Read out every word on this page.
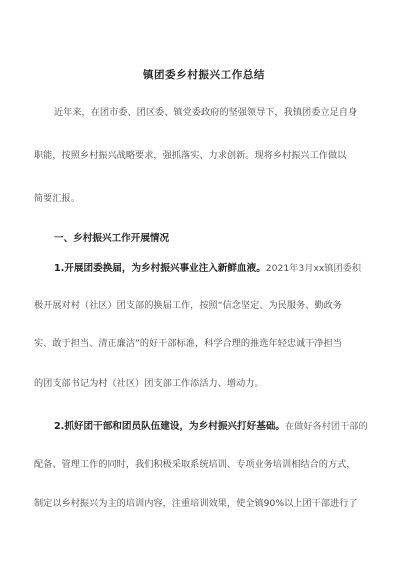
镇团委乡村振兴工作总结
近年来，在团市委、团区委、镇党委政府的坚强领导下，我镇团委立足自身
职能，按照乡村振兴战略要求，强抓落实、力求创新。现将乡村振兴工作做以
简要汇报。
一、乡村振兴工作开展情况
1.开展团委换届，为乡村振兴事业注入新鲜血液。2021年3月xx镇团委积
极开展对村（社区）团支部的换届工作，按照“信念坚定、为民服务、勤政务
实、敢于担当、清正廉洁”的好干部标准，科学合理的推选年轻忠诚干净担当
的团支部书记为村（社区）团支部工作添活力、增动力。
2.抓好团干部和团员队伍建设，为乡村振兴打好基础。在做好各村团干部的
配备、管理工作的同时，我们积极采取系统培训、专项业务培训相结合的方式，
制定以乡村振兴为主的培训内容，注重培训效果，使全镇90%以上团干部进行了
